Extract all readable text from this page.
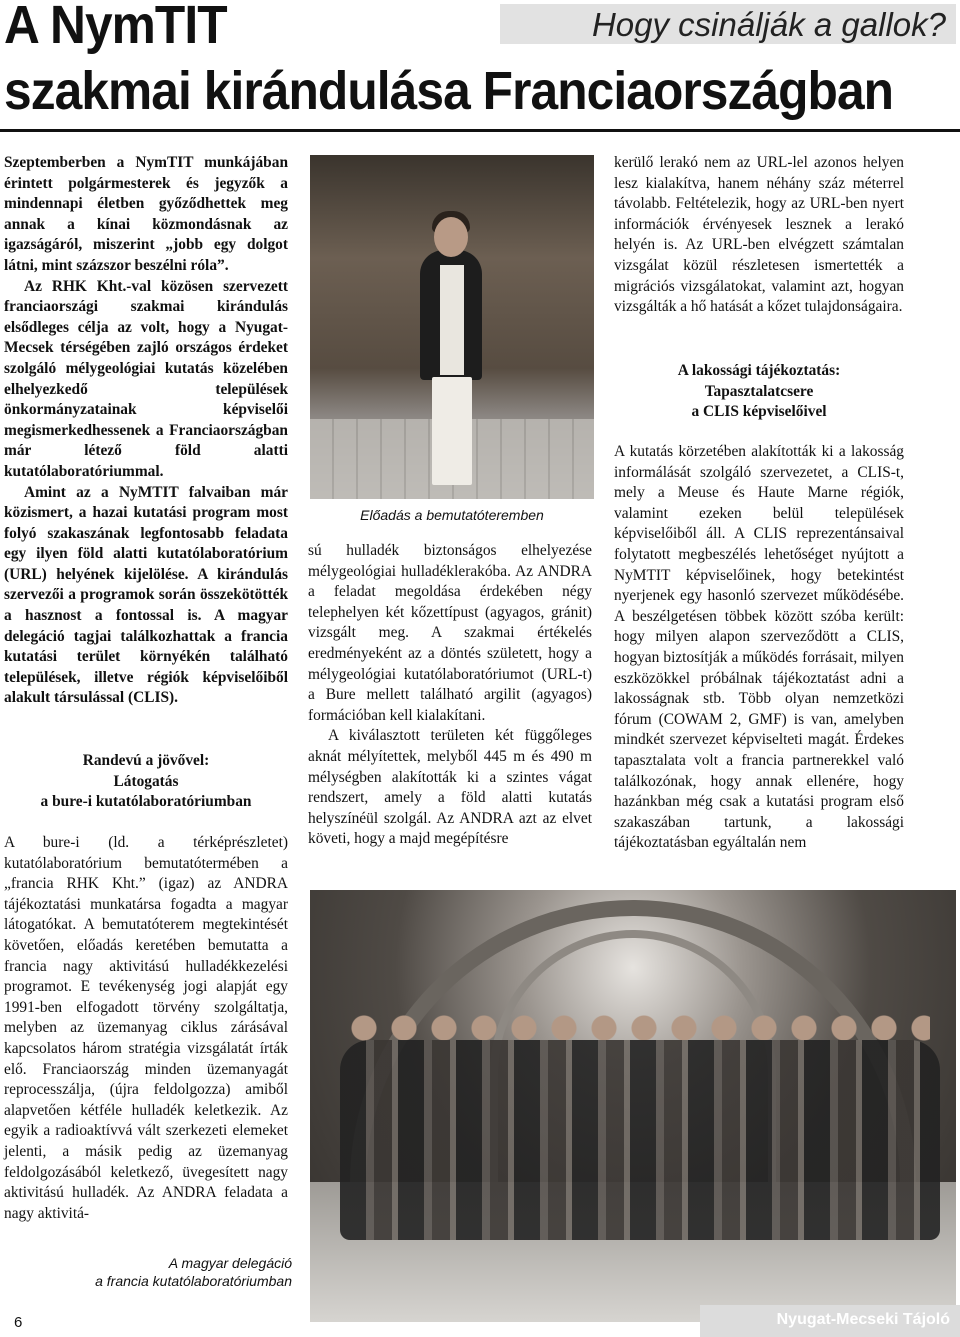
Hogy csinálják a gallok?
A NymTIT
szakmai kirándulása Franciaországban

Szeptemberben a NymTIT munkájában érintett polgármesterek és jegyzők a mindennapi életben győződhettek meg annak a kínai közmondásnak az igazságáról, miszerint „jobb egy dolgot látni, mint százszor beszélni róla”.

Az RHK Kht.-val közösen szervezett franciaországi szakmai kirándulás elsődleges célja az volt, hogy a Nyugat-Mecsek térségében zajló országos érdeket szolgáló mélygeológiai kutatás közelében elhelyezkedő települések önkormányzatainak képviselői megismerkedhessenek a Franciaországban már létező föld alatti kutatólaboratóriummal.

Amint az a NyMTIT falvaiban már közismert, a hazai kutatási program most folyó szakaszának legfontosabb feladata egy ilyen föld alatti kutatólaboratórium (URL) helyének kijelölése. A kirándulás szervezői a programok során összekötötték a hasznost a fontossal is. A magyar delegáció tagjai találkozhattak a francia kutatási terület környékén található települések, illetve régiók képviselőiből alakult társulással (CLIS).

Randevú a jövővel:
Látogatás
a bure-i kutatólaboratóriumban

A bure-i (ld. a térképrészletet) kutatólaboratórium bemutatótermében a „francia RHK Kht.” (igaz) az ANDRA tájékoztatási munkatársa fogadta a magyar látogatókat. A bemutatóterem megtekintését követően, előadás keretében bemutatta a francia nagy aktivitású hulladékkezelési programot. E tevékenység jogi alapját egy 1991-ben elfogadott törvény szolgáltatja, melyben az üzemanyag ciklus zárásával kapcsolatos három stratégia vizsgálatát írták elő. Franciaország minden üzemanyagát reprocesszálja, (újra feldolgozza) amiből alapvetően kétféle hulladék keletkezik. Az egyik a radioaktívvá vált szerkezeti elemeket jelenti, a másik pedig az üzemanyag feldolgozásából keletkező, üvegesített nagy aktivitású hulladék. Az ANDRA feladata a nagy aktivitá-

Előadás a bemutatóteremben

sú hulladék biztonságos elhelyezése mélygeológiai hulladéklerakóba. Az ANDRA a feladat megoldása érdekében négy telephelyen két kőzettípust (agyagos, gránit) vizsgált meg. A szakmai értékelés eredményeként az a döntés született, hogy a mélygeológiai kutatólaboratóriumot (URL-t) a Bure mellett található argilit (agyagos) formációban kell kialakítani.

A kiválasztott területen két függőleges aknát mélyítettek, melyből 445 m és 490 m mélységben alakították ki a szintes vágat rendszert, amely a föld alatti kutatás helyszínéül szolgál. Az ANDRA azt az elvet követi, hogy a majd megépítésre

kerülő lerakó nem az URL-lel azonos helyen lesz kialakítva, hanem néhány száz méterrel távolabb. Feltételezik, hogy az URL-ben nyert információk érvényesek lesznek a lerakó helyén is. Az URL-ben elvégzett számtalan vizsgálat közül részletesen ismertették a migrációs vizsgálatokat, valamint azt, hogyan vizsgálták a hő hatását a kőzet tulajdonságaira.

A lakossági tájékoztatás:
Tapasztalatcsere
a CLIS képviselőivel

A kutatás körzetében alakították ki a lakosság informálását szolgáló szervezetet, a CLIS-t, mely a Meuse és Haute Marne régiók, valamint ezeken belül települések képviselőiből áll. A CLIS reprezentánsaival folytatott megbeszélés lehetőséget nyújtott a NyMTIT képviselőinek, hogy betekintést nyerjenek egy hasonló szervezet működésébe. A beszélgetésen többek között szóba került: hogy milyen alapon szerveződött a CLIS, hogyan biztosítják a működés forrásait, milyen eszközökkel próbálnak tájékoztatást adni a lakosságnak stb. Több olyan nemzetközi fórum (COWAM 2, GMF) is van, amelyben mindkét szervezet képviselteti magát. Érdekes tapasztalata volt a francia partnerekkel való találkozónak, hogy annak ellenére, hogy hazánkban még csak a kutatási program első szakaszában tartunk, a lakossági tájékoztatásban egyáltalán nem

A magyar delegáció
a francia kutatólaboratóriumban
6	Nyugat-Mecseki Tájoló
